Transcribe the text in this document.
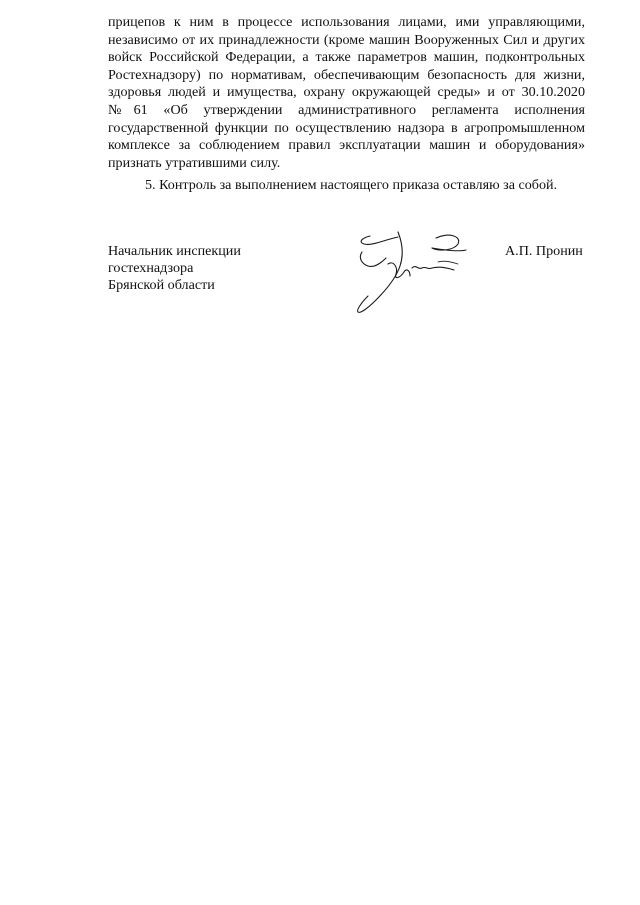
прицепов к ним в процессе использования лицами, ими управляющими,
независимо от их принадлежности (кроме машин Вооруженных Сил и других
войск Российской Федерации, а также параметров машин, подконтрольных
Ростехнадзору) по нормативам, обеспечивающим безопасность для жизни,
здоровья людей и имущества, охрану окружающей среды» и от 30.10.2020
№61 «Об утверждении административного регламента исполнения
государственной функции по осуществлению надзора в агропромышленном
комплексе за соблюдением правил эксплуатации машин и оборудования»
признать утратившими силу.
5. Контроль за выполнением настоящего приказа оставляю за собой.
Начальник инспекции
гостехнадзора
Брянской области
А.П. Пронин
